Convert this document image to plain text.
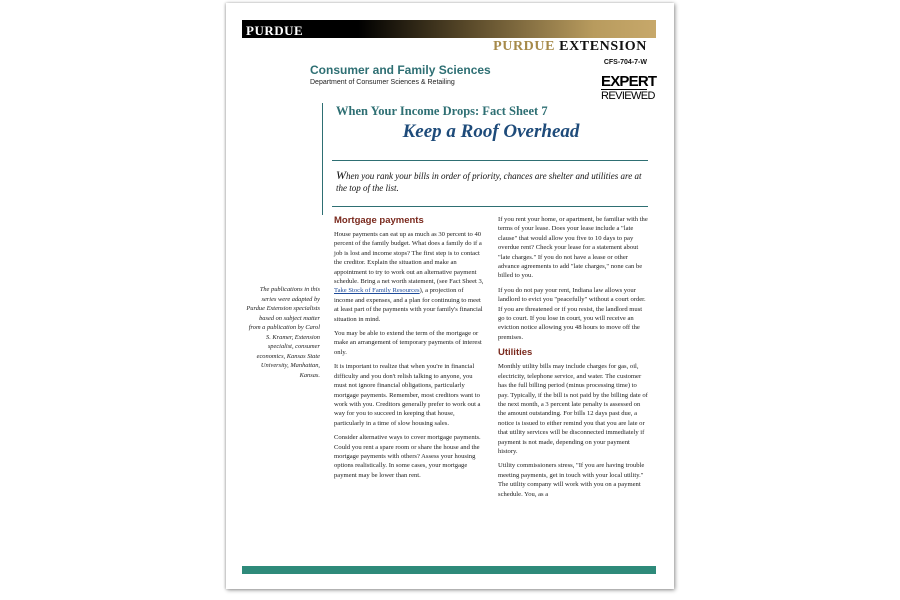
PURDUE
UNIVERSITY	PURDUE EXTENSION
CFS-704-7-W
EXPERT
REVIEWED
Consumer and Family Sciences
Department of Consumer Sciences & Retailing
When Your Income Drops: Fact Sheet 7
Keep a Roof Overhead
When you rank your bills in order of priority, chances are shelter and utilities are at the top of the list.
The publications in this series were adapted by Purdue Extension specialists based on subject matter from a publication by Carol S. Kramer, Extension specialist, consumer economics, Kansas State University, Manhattan, Kansas.
Mortgage payments

House payments can eat up as much as 30 percent to 40 percent of the family budget. What does a family do if a job is lost and income stops? The first step is to contact the creditor. Explain the situation and make an appointment to try to work out an alternative payment schedule. Bring a net worth statement, (see Fact Sheet 3, Take Stock of Family Resources), a projection of income and expenses, and a plan for continuing to meet at least part of the payments with your family's financial situation in mind.

You may be able to extend the term of the mortgage or make an arrangement of temporary payments of interest only.

It is important to realize that when you're in financial difficulty and you don't relish talking to anyone, you must not ignore financial obligations, particularly mortgage payments. Remember, most creditors want to work with you. Creditors generally prefer to work out a way for you to succeed in keeping that house, particularly in a time of slow housing sales.

Consider alternative ways to cover mortgage payments. Could you rent a spare room or share the house and the mortgage payments with others? Assess your housing options realistically. In some cases, your mortgage payment may be lower than rent.

If you rent your home, or apartment, be familiar with the terms of your lease. Does your lease include a "late clause" that would allow you five to 10 days to pay overdue rent? Check your lease for a statement about "late charges." If you do not have a lease or other advance agreements to add "late charges," none can be billed to you.

If you do not pay your rent, Indiana law allows your landlord to evict you "peacefully" without a court order. If you are threatened or if you resist, the landlord must go to court. If you lose in court, you will receive an eviction notice allowing you 48 hours to move off the premises.

Utilities

Monthly utility bills may include charges for gas, oil, electricity, telephone service, and water. The customer has the full billing period (minus processing time) to pay. Typically, if the bill is not paid by the billing date of the next month, a 3 percent late penalty is assessed on the amount outstanding. For bills 12 days past due, a notice is issued to either remind you that you are late or that utility services will be disconnected immediately if payment is not made, depending on your payment history.

Utility commissioners stress, "If you are having trouble meeting payments, get in touch with your local utility." The utility company will work with you on a payment schedule. You, as a
